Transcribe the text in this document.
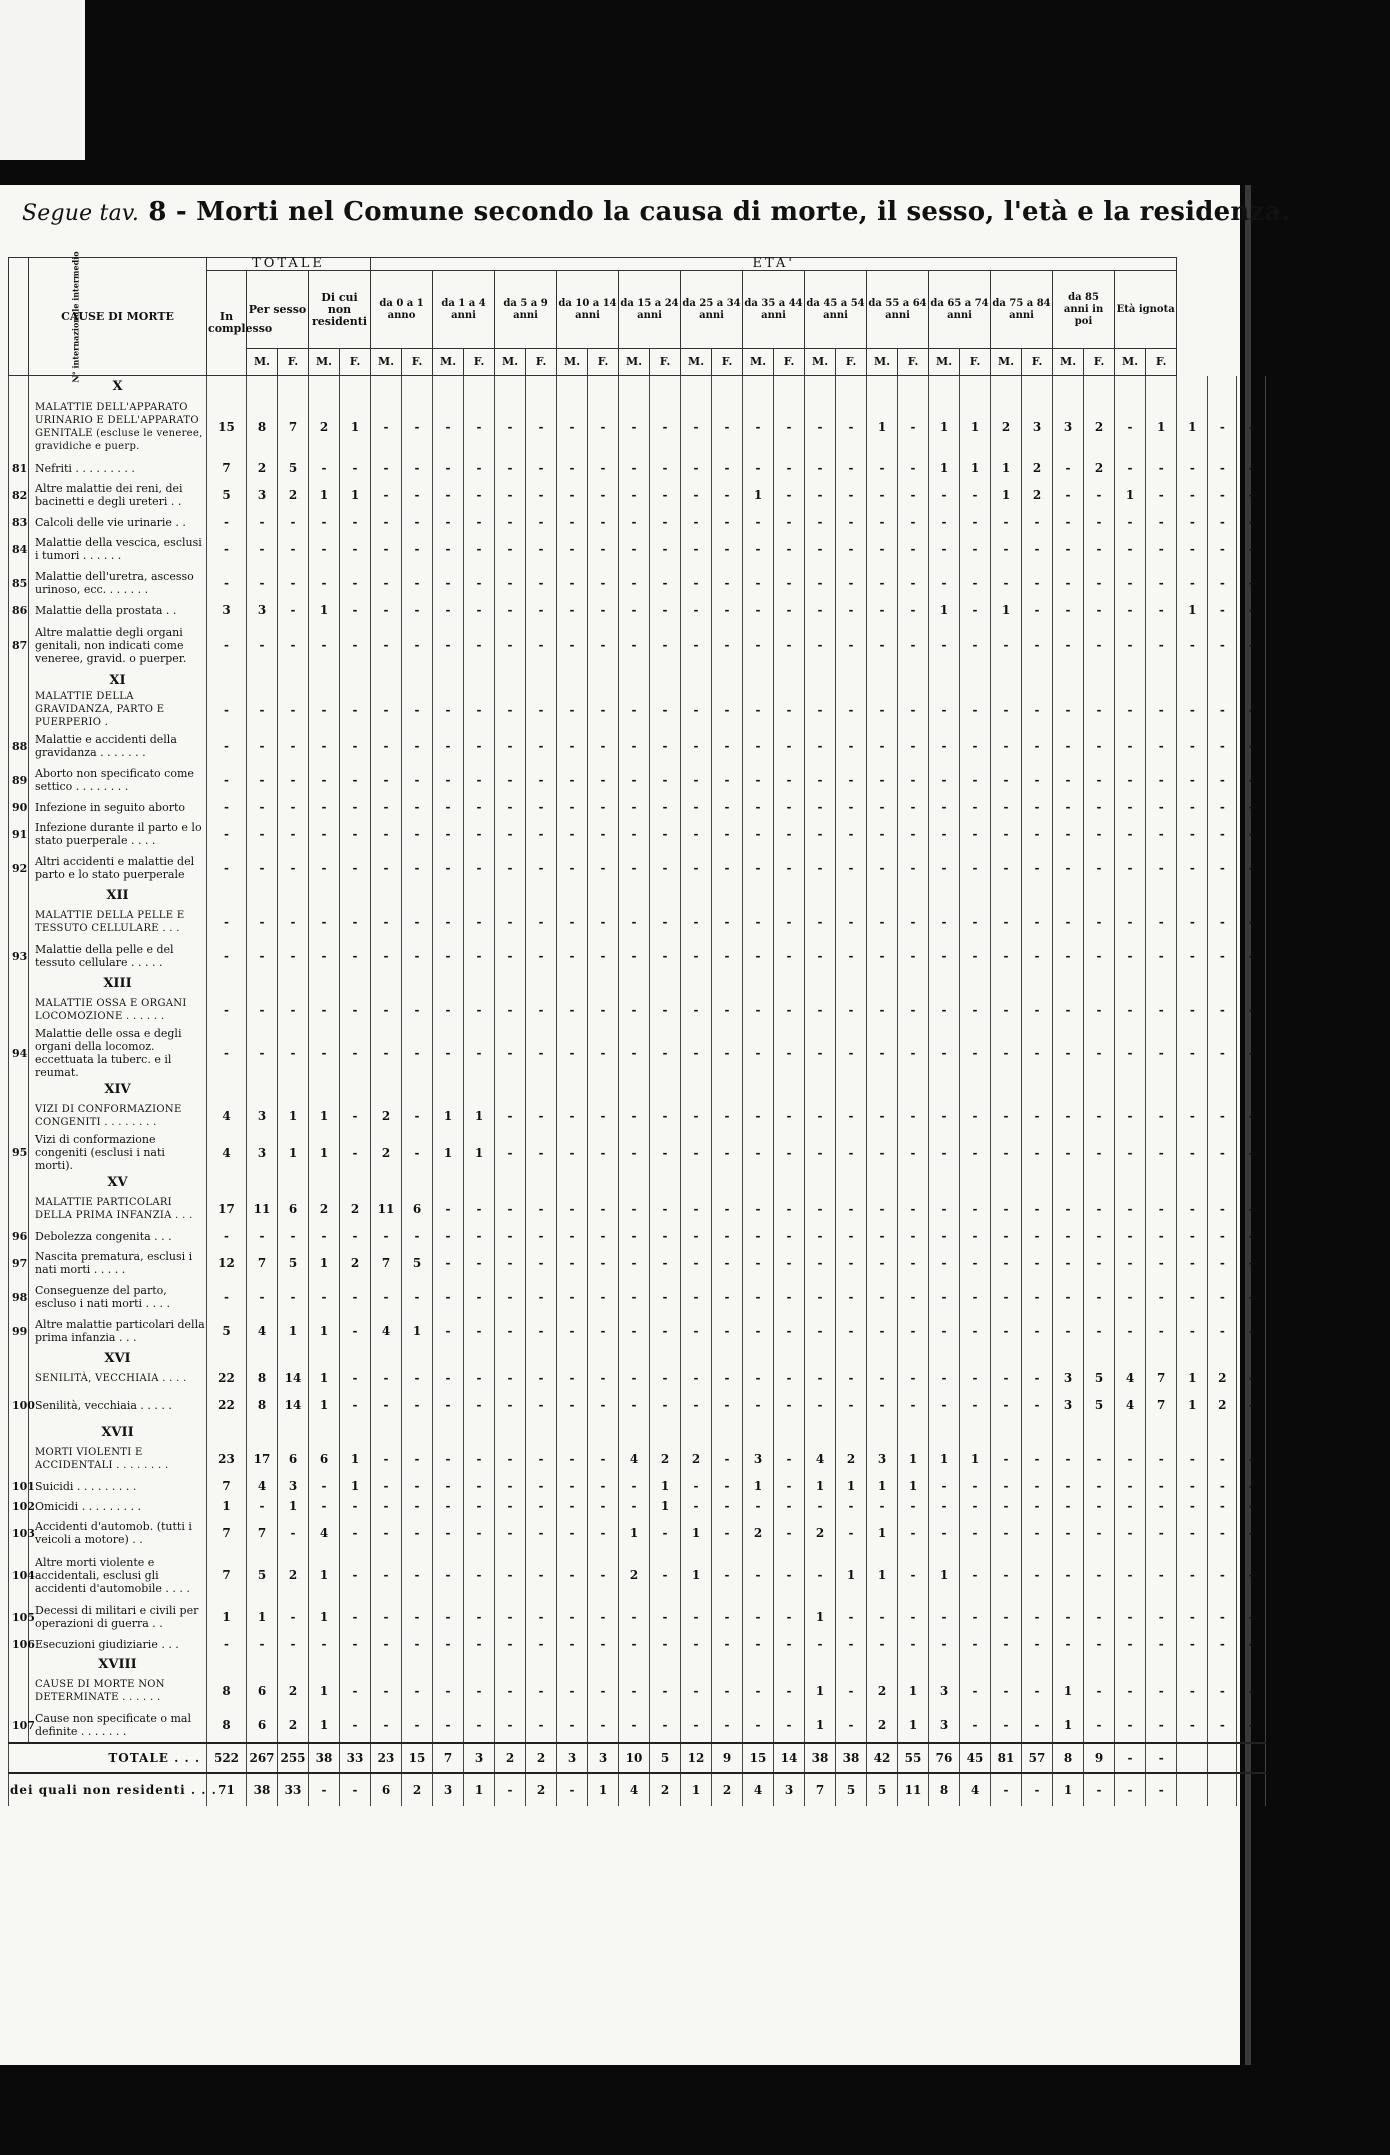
Segue tav. 8 - Morti nel Comune secondo la causa di morte, il sesso, l'età e la residenza.
N° internazionale intermedio	CAUSE DI MORTE	TOTALE					ETA'																													
		In complesso	Per sesso		Di cui non residenti		da 0 a 1 anno		da 1 a 4 anni		da 5 a 9 anni		da 10 a 14 anni		da 15 a 24 anni		da 25 a 34 anni		da 35 a 44 anni		da 45 a 54 anni		da 55 a 64 anni		da 65 a 74 anni		da 75 a 84 anni		da 85 anni in poi		Età ignota					
			M.	F.	M.	F.	M.	F.	M.	F.	M.	F.	M.	F.	M.	F.	M.	F.	M.	F.	M.	F.	M.	F.	M.	F.	M.	F.	M.	F.	M.	F.				
	X																																				
	MALATTIE DELL'APPARATO URINARIO E DELL'APPARATO GENITALE (escluse le veneree, gravidiche e puerp.	15	8	7	2	1	-	-	-	-	-	-	-	-	-	-	-	-	-	-	-	-	1	-	1	1	2	3	3	2	-	1	1	-	-		
81	Nefriti . . . . . . . . .	7	2	5	-	-	-	-	-	-	-	-	-	-	-	-	-	-	-	-	-	-	-	-	1	1	1	2	-	2	-	-	-	-	-		
82	Altre malattie dei reni, dei bacinetti e degli ureteri . .	5	3	2	1	1	-	-	-	-	-	-	-	-	-	-	-	-	1	-	-	-	-	-	-	-	1	2	-	-	1	-	-	-	-		
83	Calcoli delle vie urinarie . .	-	-	-	-	-	-	-	-	-	-	-	-	-	-	-	-	-	-	-	-	-	-	-	-	-	-	-	-	-	-	-	-	-	-		
84	Malattie della vescica, esclusi i tumori . . . . . .	-	-	-	-	-	-	-	-	-	-	-	-	-	-	-	-	-	-	-	-	-	-	-	-	-	-	-	-	-	-	-	-	-	-		
85	Malattie dell'uretra, ascesso urinoso, ecc. . . . . . .	-	-	-	-	-	-	-	-	-	-	-	-	-	-	-	-	-	-	-	-	-	-	-	-	-	-	-	-	-	-	-	-	-	-		
86	Malattie della prostata . .	3	3	-	1	-	-	-	-	-	-	-	-	-	-	-	-	-	-	-	-	-	-	-	1	-	1	-	-	-	-	-	1	-	-		
87	Altre malattie degli organi genitali, non indicati come veneree, gravid. o puerper.	-	-	-	-	-	-	-	-	-	-	-	-	-	-	-	-	-	-	-	-	-	-	-	-	-	-	-	-	-	-	-	-	-	-		
	XI																																				
	MALATTIE DELLA GRAVIDANZA, PARTO E PUERPERIO .	-	-	-	-	-	-	-	-	-	-	-	-	-	-	-	-	-	-	-	-	-	-	-	-	-	-	-	-	-	-	-	-	-	-		
88	Malattie e accidenti della gravidanza . . . . . . .	-	-	-	-	-	-	-	-	-	-	-	-	-	-	-	-	-	-	-	-	-	-	-	-	-	-	-	-	-	-	-	-	-	-		
89	Aborto non specificato come settico . . . . . . . .	-	-	-	-	-	-	-	-	-	-	-	-	-	-	-	-	-	-	-	-	-	-	-	-	-	-	-	-	-	-	-	-	-	-		
90	Infezione in seguito aborto	-	-	-	-	-	-	-	-	-	-	-	-	-	-	-	-	-	-	-	-	-	-	-	-	-	-	-	-	-	-	-	-	-	-		
91	Infezione durante il parto e lo stato puerperale . . . .	-	-	-	-	-	-	-	-	-	-	-	-	-	-	-	-	-	-	-	-	-	-	-	-	-	-	-	-	-	-	-	-	-	-		
92	Altri accidenti e malattie del parto e lo stato puerperale	-	-	-	-	-	-	-	-	-	-	-	-	-	-	-	-	-	-	-	-	-	-	-	-	-	-	-	-	-	-	-	-	-	-		
	XII																																				
	MALATTIE DELLA PELLE E TESSUTO CELLULARE . . .	-	-	-	-	-	-	-	-	-	-	-	-	-	-	-	-	-	-	-	-	-	-	-	-	-	-	-	-	-	-	-	-	-	-		
93	Malattie della pelle e del tessuto cellulare . . . . .	-	-	-	-	-	-	-	-	-	-	-	-	-	-	-	-	-	-	-	-	-	-	-	-	-	-	-	-	-	-	-	-	-	-		
	XIII																																				
	MALATTIE OSSA E ORGANI LOCOMOZIONE . . . . . .	-	-	-	-	-	-	-	-	-	-	-	-	-	-	-	-	-	-	-	-	-	-	-	-	-	-	-	-	-	-	-	-	-	-		
94	Malattie delle ossa e degli organi della locomoz. eccettuata la tuberc. e il reumat.	-	-	-	-	-	-	-	-	-	-	-	-	-	-	-	-	-	-	-	-	-	-	-	-	-	-	-	-	-	-	-	-	-	-		
	XIV																																				
	VIZI DI CONFORMAZIONE CONGENITI . . . . . . . .	4	3	1	1	-	2	-	1	1	-	-	-	-	-	-	-	-	-	-	-	-	-	-	-	-	-	-	-	-	-	-	-	-	-		
95	Vizi di conformazione congeniti (esclusi i nati morti).	4	3	1	1	-	2	-	1	1	-	-	-	-	-	-	-	-	-	-	-	-	-	-	-	-	-	-	-	-	-	-	-	-	-		
	XV																																				
	MALATTIE PARTICOLARI DELLA PRIMA INFANZIA . . .	17	11	6	2	2	11	6	-	-	-	-	-	-	-	-	-	-	-	-	-	-	-	-	-	-	-	-	-	-	-	-	-	-	-		
96	Debolezza congenita . . .	-	-	-	-	-	-	-	-	-	-	-	-	-	-	-	-	-	-	-	-	-	-	-	-	-	-	-	-	-	-	-	-	-	-		
97	Nascita prematura, esclusi i nati morti . . . . .	12	7	5	1	2	7	5	-	-	-	-	-	-	-	-	-	-	-	-	-	-	-	-	-	-	-	-	-	-	-	-	-	-	-		
98	Conseguenze del parto, escluso i nati morti . . . .	-	-	-	-	-	-	-	-	-	-	-	-	-	-	-	-	-	-	-	-	-	-	-	-	-	-	-	-	-	-	-	-	-	-		
99	Altre malattie particolari della prima infanzia . . .	5	4	1	1	-	4	1	-	-	-	-	-	-	-	-	-	-	-	-	-	-	-	-	-	-	-	-	-	-	-	-	-	-	-		
	XVI																																				
	SENILITÀ, VECCHIAIA . . . .	22	8	14	1	-	-	-	-	-	-	-	-	-	-	-	-	-	-	-	-	-	-	-	-	-	-	-	3	5	4	7	1	2	-		
100	Senilità, vecchiaia . . . . .	22	8	14	1	-	-	-	-	-	-	-	-	-	-	-	-	-	-	-	-	-	-	-	-	-	-	-	3	5	4	7	1	2	-		
	XVII																																				
	MORTI VIOLENTI E ACCIDENTALI . . . . . . . .	23	17	6	6	1	-	-	-	-	-	-	-	-	4	2	2	-	3	-	4	2	3	1	1	1	-	-	-	-	-	-	-	-	-		
101	Suicidi . . . . . . . . .	7	4	3	-	1	-	-	-	-	-	-	-	-	-	1	-	-	1	-	1	1	1	1	-	-	-	-	-	-	-	-	-	-	-		
102	Omicidi . . . . . . . . .	1	-	1	-	-	-	-	-	-	-	-	-	-	-	1	-	-	-	-	-	-	-	-	-	-	-	-	-	-	-	-	-	-	-		
103	Accidenti d'automob. (tutti i veicoli a motore) . .	7	7	-	4	-	-	-	-	-	-	-	-	-	1	-	1	-	2	-	2	-	1	-	-	-	-	-	-	-	-	-	-	-	-		
104	Altre morti violente e accidentali, esclusi gli accidenti d'automobile . . . .	7	5	2	1	-	-	-	-	-	-	-	-	-	2	-	1	-	-	-	-	1	1	-	1	-	-	-	-	-	-	-	-	-	-		
105	Decessi di militari e civili per operazioni di guerra . .	1	1	-	1	-	-	-	-	-	-	-	-	-	-	-	-	-	-	-	1	-	-	-	-	-	-	-	-	-	-	-	-	-	-		
106	Esecuzioni giudiziarie . . .	-	-	-	-	-	-	-	-	-	-	-	-	-	-	-	-	-	-	-	-	-	-	-	-	-	-	-	-	-	-	-	-	-	-		
	XVIII																																				
	CAUSE DI MORTE NON DETERMINATE . . . . . .	8	6	2	1	-	-	-	-	-	-	-	-	-	-	-	-	-	-	-	1	-	2	1	3	-	-	-	1	-	-	-	-	-	-		
107	Cause non specificate o mal definite . . . . . . .	8	6	2	1	-	-	-	-	-	-	-	-	-	-	-	-	-	-	-	1	-	2	1	3	-	-	-	1	-	-	-	-	-	-		
TOTALE . . .		522	267	255	38	33	23	15	7	3	2	2	3	3	10	5	12	9	15	14	38	38	42	55	76	45	81	57	8	9	-	-					
dei quali non residenti . . .		71	38	33	-	-	6	2	3	1	-	2	-	1	4	2	1	2	4	3	7	5	5	11	8	4	-	-	1	-	-	-					
